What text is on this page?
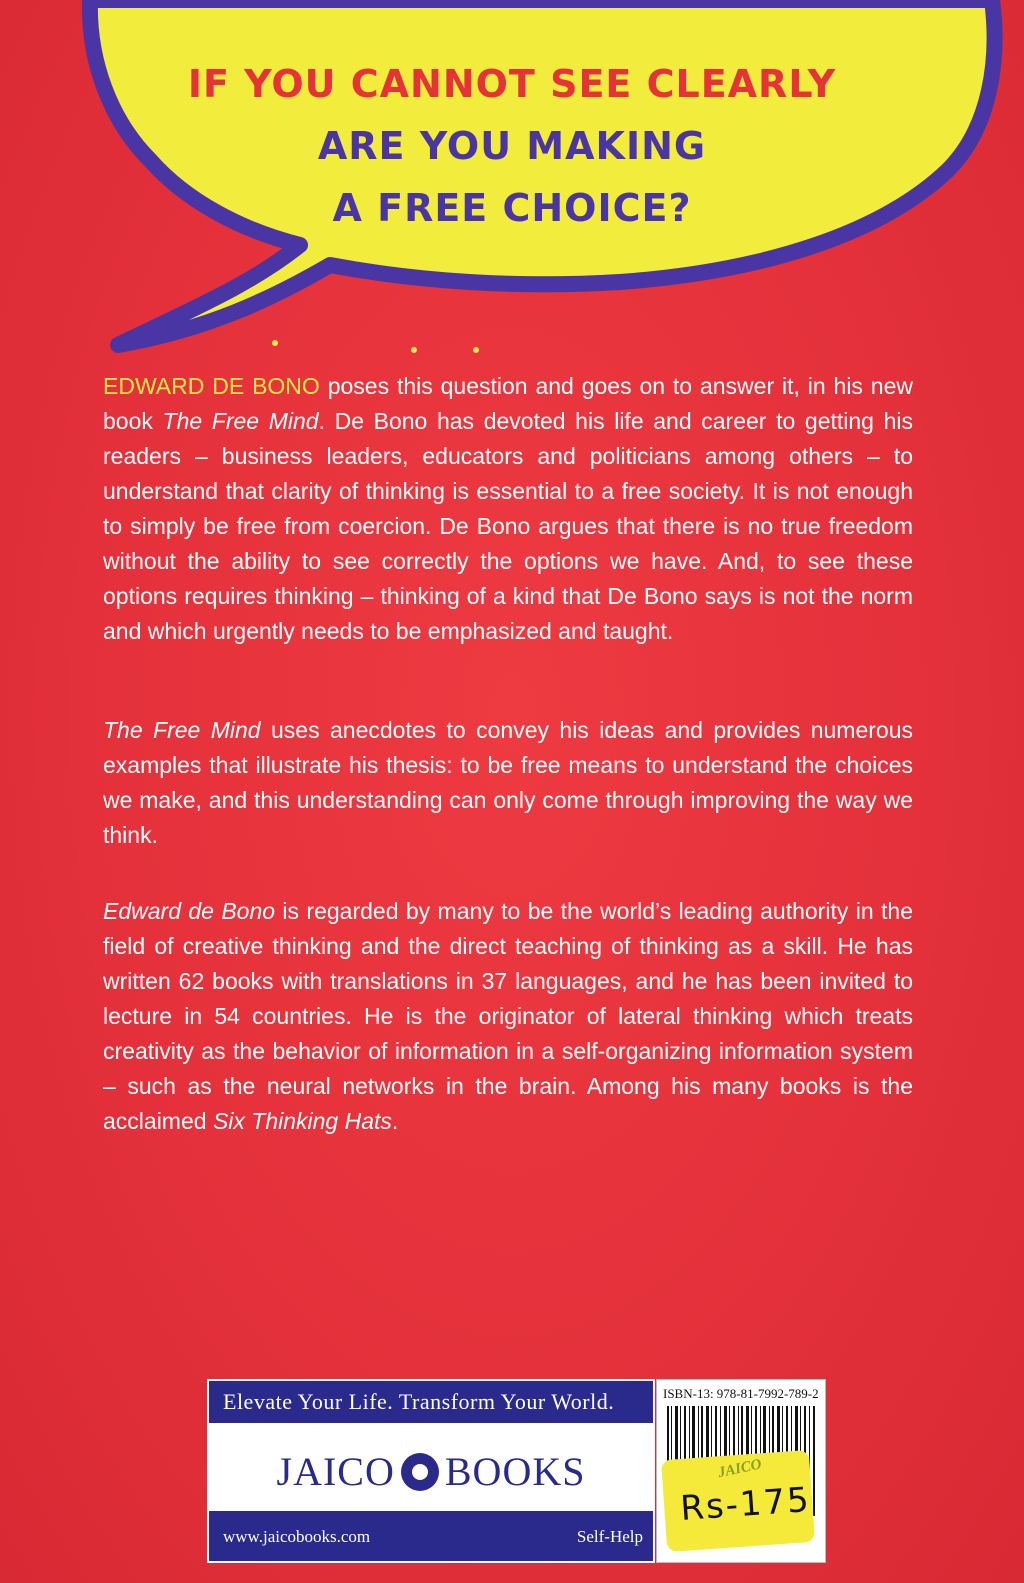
IF YOU CANNOT SEE CLEARLY
ARE YOU MAKING
A FREE CHOICE?

EDWARD DE BONO poses this question and goes on to answer it, in his new book The Free Mind. De Bono has devoted his life and career to getting his readers – business leaders, educators and politicians among others – to understand that clarity of thinking is essential to a free society. It is not enough to simply be free from coercion. De Bono argues that there is no true freedom without the ability to see correctly the options we have. And, to see these options requires thinking – thinking of a kind that De Bono says is not the norm and which urgently needs to be emphasized and taught.

The Free Mind uses anecdotes to convey his ideas and provides numerous examples that illustrate his thesis: to be free means to understand the choices we make, and this understanding can only come through improving the way we think.

Edward de Bono is regarded by many to be the world’s leading authority in the field of creative thinking and the direct teaching of thinking as a skill. He has written 62 books with translations in 37 languages, and he has been invited to lecture in 54 countries. He is the originator of lateral thinking which treats creativity as the behavior of information in a self-organizing information system – such as the neural networks in the brain. Among his many books is the acclaimed Six Thinking Hats.

Elevate Your Life. Transform Your World.
JAICO BOOKS
www.jaicobooks.com	Self-Help
ISBN-13: 978-81-7992-789-2
JAICO
Rs-175
